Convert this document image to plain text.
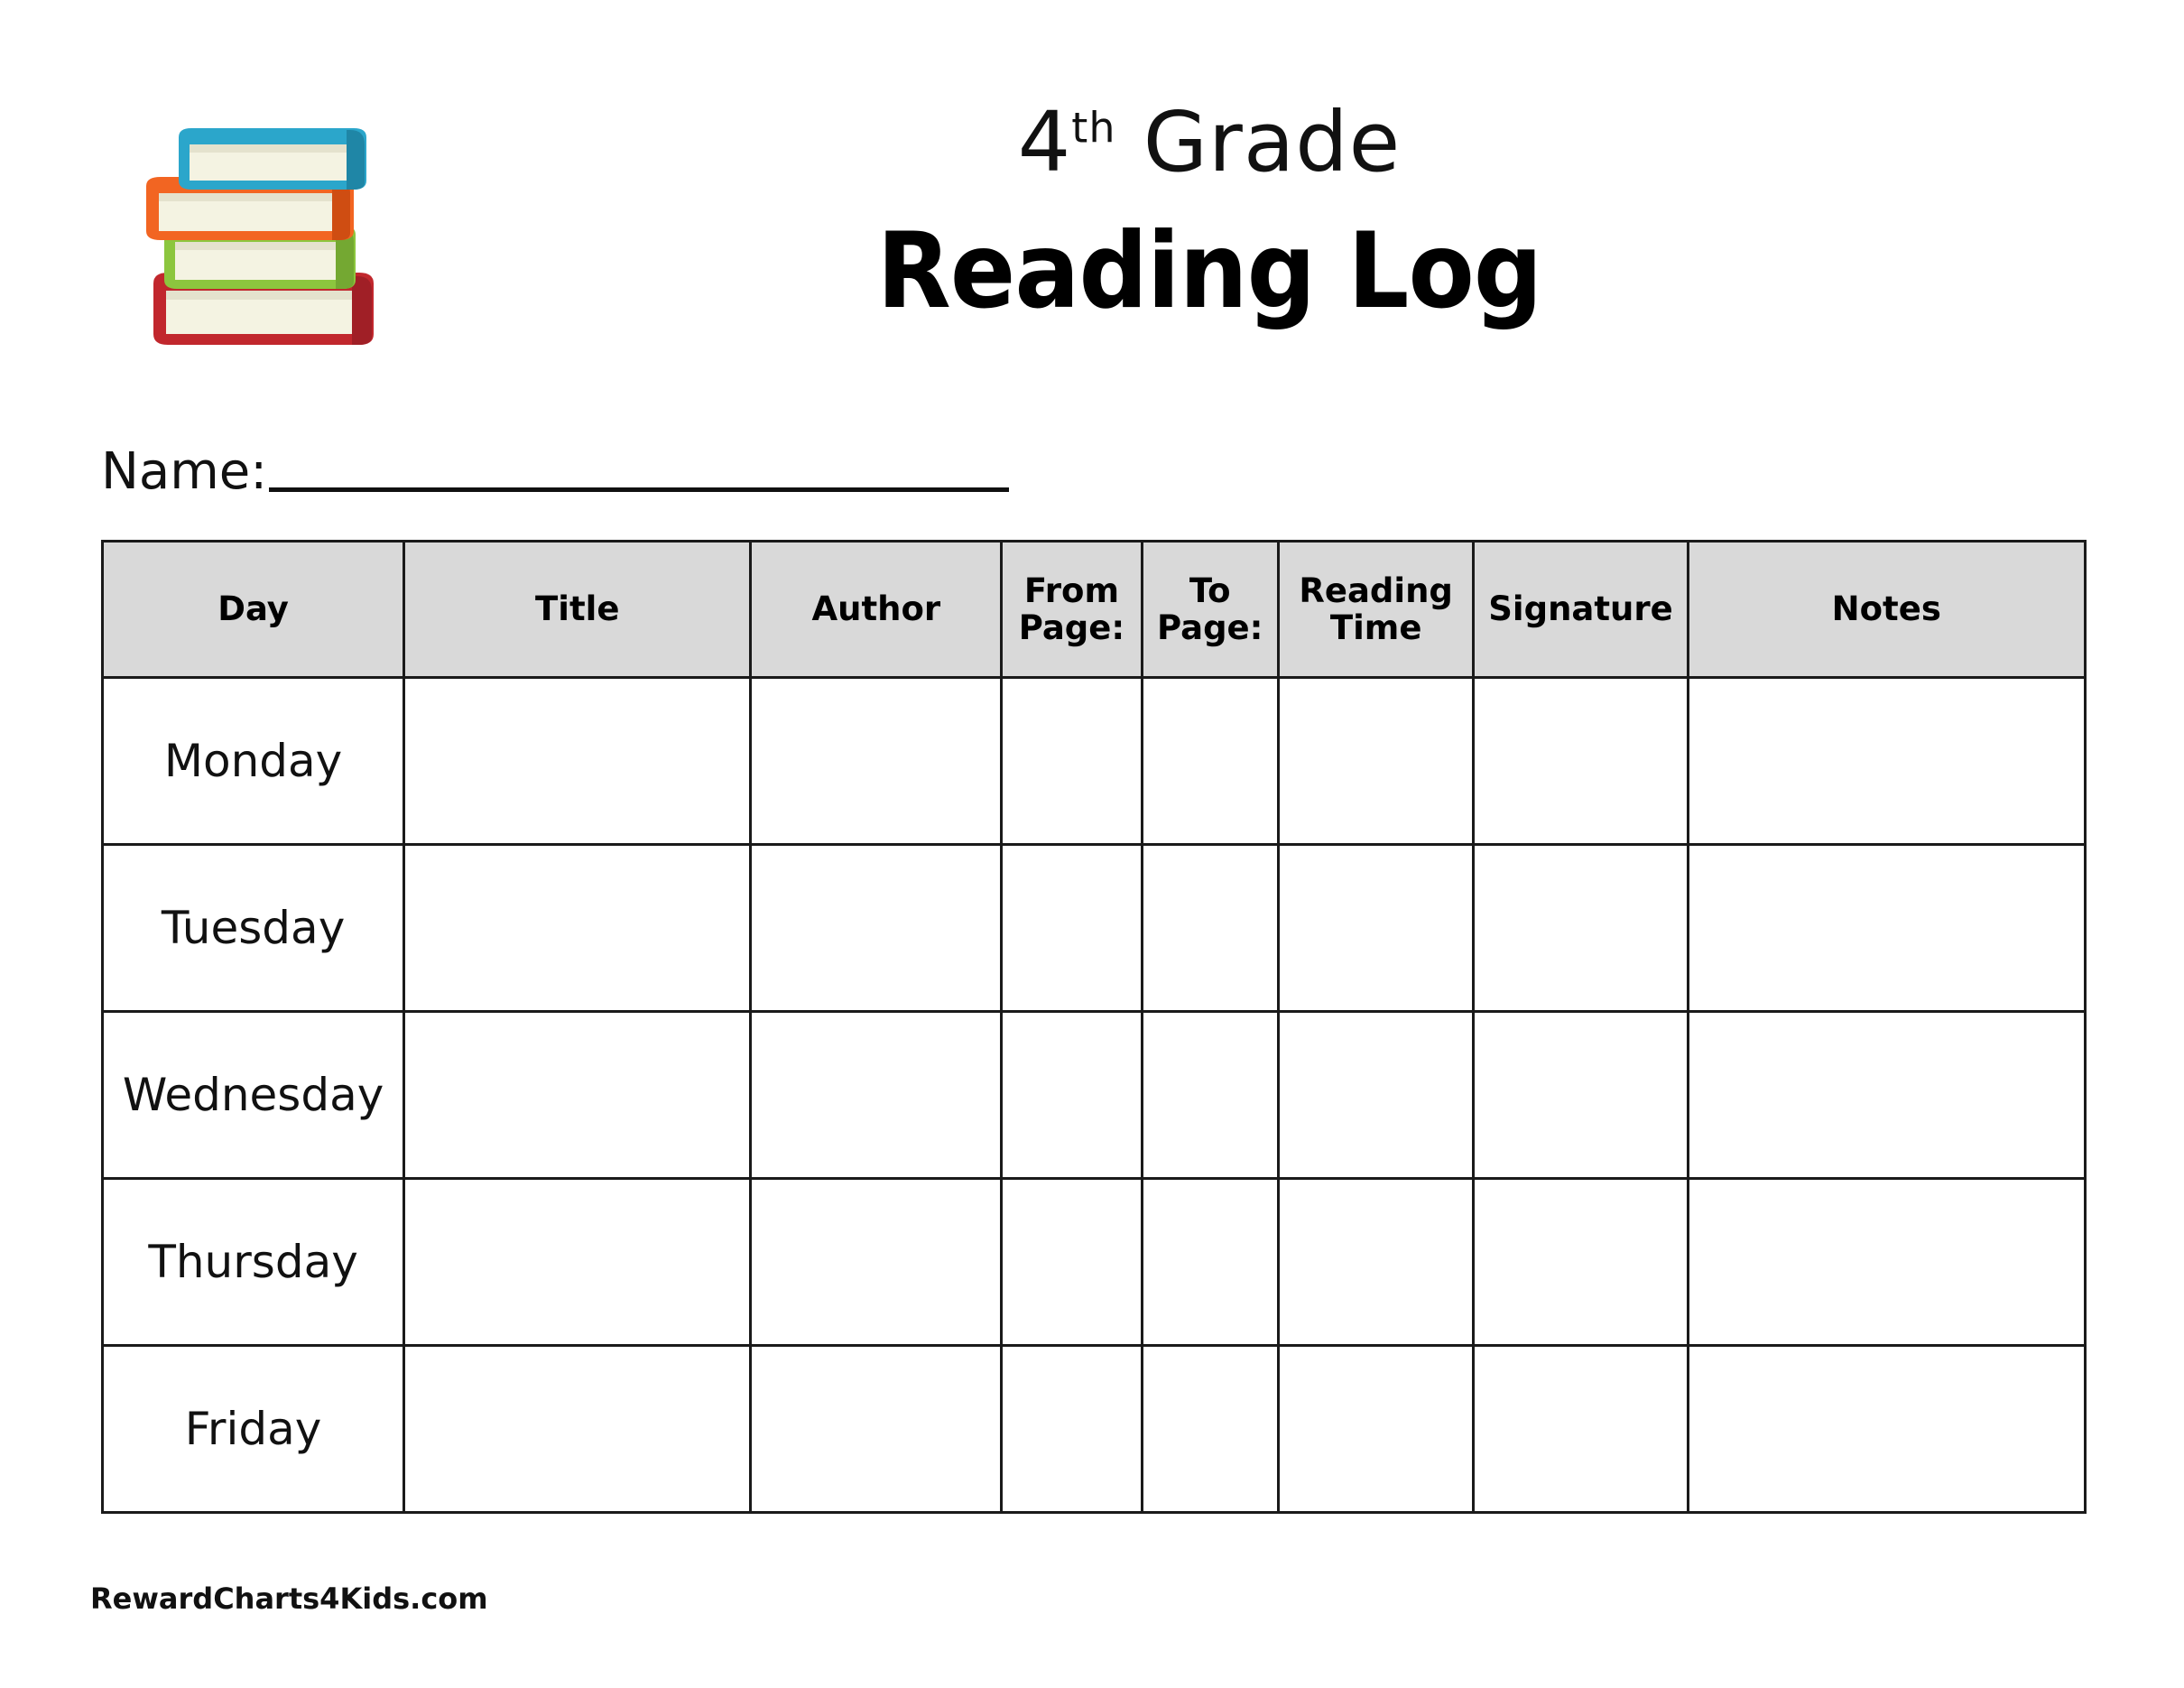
4th Grade
Reading Log
Name:
Day	Title	Author	From Page:	To Page:	Reading Time	Signature	Notes
Monday							
Tuesday							
Wednesday							
Thursday							
Friday							
RewardCharts4Kids.com
